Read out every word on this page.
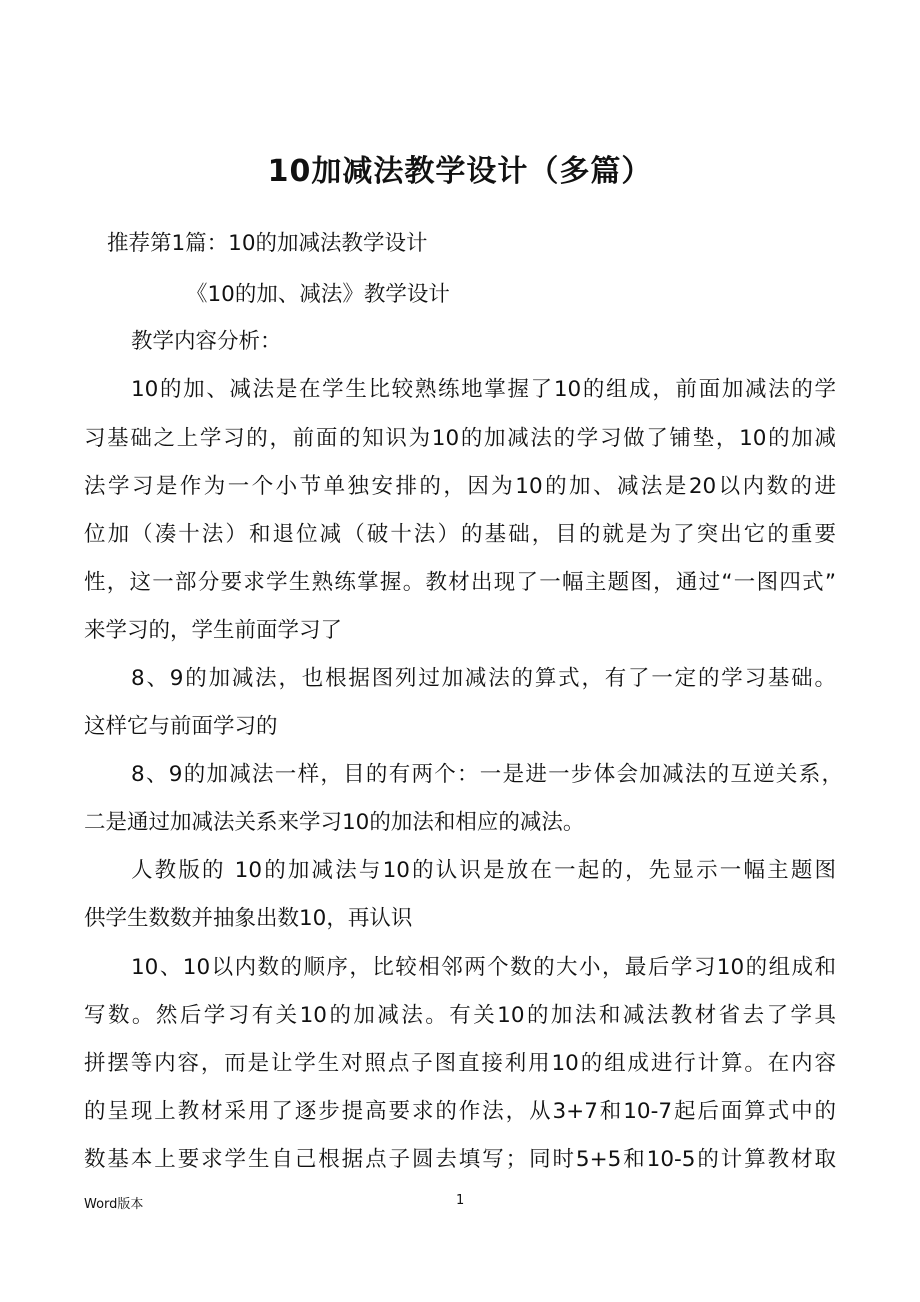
10加减法教学设计（多篇）
推荐第1篇：10的加减法教学设计
《10的加、减法》教学设计
教学内容分析：
10的加、减法是在学生比较熟练地掌握了10的组成，前面加减法的学
习基础之上学习的，前面的知识为10的加减法的学习做了铺垫，10的加减
法学习是作为一个小节单独安排的，因为10的加、减法是20以内数的进
位加（凑十法）和退位减（破十法）的基础，目的就是为了突出它的重要
性，这一部分要求学生熟练掌握。教材出现了一幅主题图，通过“一图四式”
来学习的，学生前面学习了
8、9的加减法，也根据图列过加减法的算式，有了一定的学习基础。
这样它与前面学习的
8、9的加减法一样，目的有两个：一是进一步体会加减法的互逆关系，
二是通过加减法关系来学习10的加法和相应的减法。
人教版的 10的加减法与10的认识是放在一起的，先显示一幅主题图
供学生数数并抽象出数10，再认识
10、10以内数的顺序，比较相邻两个数的大小，最后学习10的组成和
写数。然后学习有关10的加减法。有关10的加法和减法教材省去了学具
拼摆等内容，而是让学生对照点子图直接利用10的组成进行计算。在内容
的呈现上教材采用了逐步提高要求的作法，从3+7和10-7起后面算式中的
数基本上要求学生自己根据点子圆去填写；同时5+5和10-5的计算教材取
Word版本	1
